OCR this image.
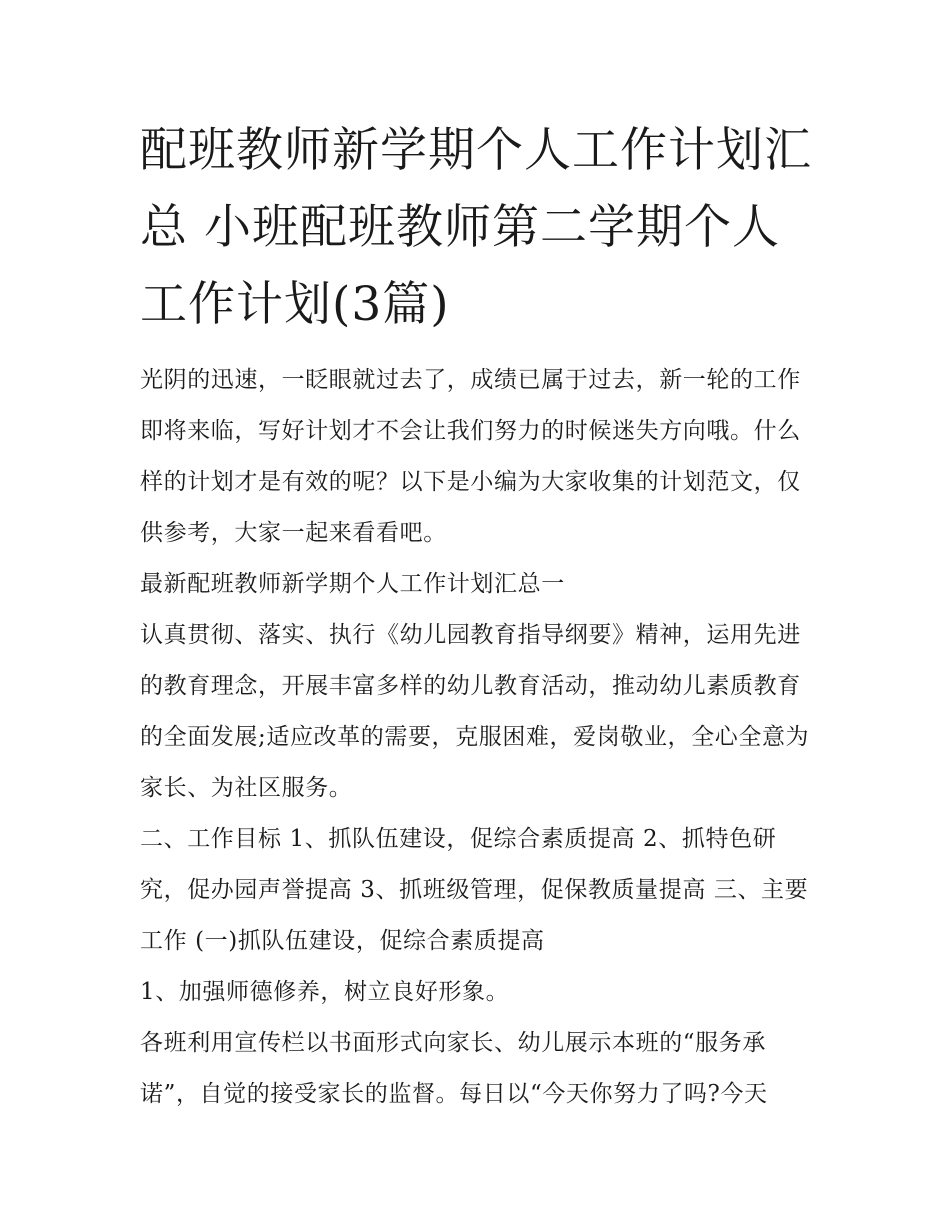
配班教师新学期个人工作计划汇总 小班配班教师第二学期个人工作计划(3篇)

光阴的迅速，一眨眼就过去了，成绩已属于过去，新一轮的工作即将来临，写好计划才不会让我们努力的时候迷失方向哦。什么样的计划才是有效的呢？以下是小编为大家收集的计划范文，仅供参考，大家一起来看看吧。

最新配班教师新学期个人工作计划汇总一

认真贯彻、落实、执行《幼儿园教育指导纲要》精神，运用先进的教育理念，开展丰富多样的幼儿教育活动，推动幼儿素质教育的全面发展;适应改革的需要，克服困难，爱岗敬业，全心全意为家长、为社区服务。

二、工作目标 1、抓队伍建设，促综合素质提高 2、抓特色研究，促办园声誉提高 3、抓班级管理，促保教质量提高 三、主要工作 (一)抓队伍建设，促综合素质提高

1、加强师德修养，树立良好形象。

各班利用宣传栏以书面形式向家长、幼儿展示本班的“服务承诺”，自觉的接受家长的监督。每日以“今天你努力了吗?今天
